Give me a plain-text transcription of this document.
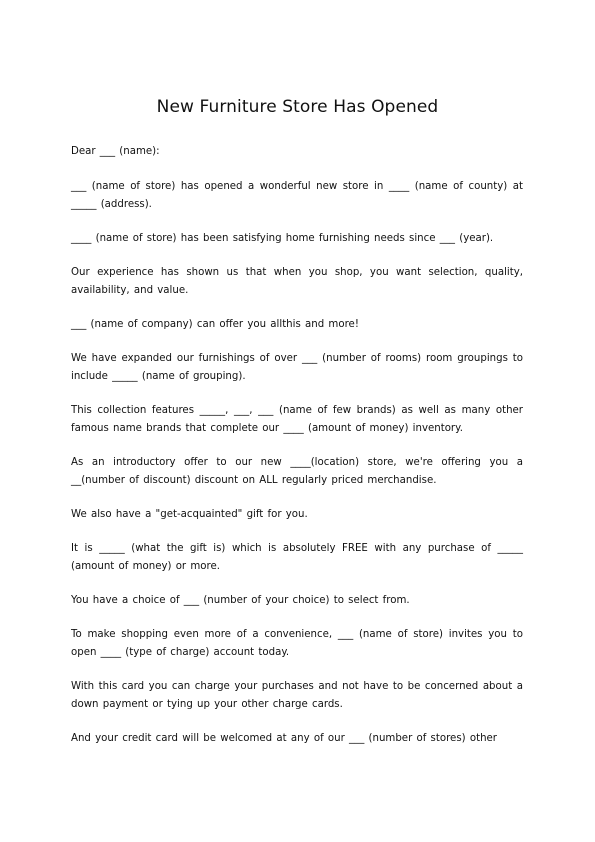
New Furniture Store Has Opened

Dear ___ (name):

___ (name of store) has opened a wonderful new store in ____ (name of county) at _____ (address).

____ (name of store) has been satisfying home furnishing needs since ___ (year).

Our experience has shown us that when you shop, you want selection, quality, availability, and value.

___ (name of company) can offer you allthis and more!

We have expanded our furnishings of over ___ (number of rooms) room groupings to include _____ (name of grouping).

This collection features _____, ___, ___ (name of few brands) as well as many other famous name brands that complete our ____ (amount of money) inventory.

As an introductory offer to our new ____(location) store, we're offering you a __(number of discount) discount on ALL regularly priced merchandise.

We also have a "get-acquainted" gift for you.

It is _____ (what the gift is) which is absolutely FREE with any purchase of _____ (amount of money) or more.

You have a choice of ___ (number of your choice) to select from.

To make shopping even more of a convenience, ___ (name of store) invites you to open ____ (type of charge) account today.

With this card you can charge your purchases and not have to be concerned about a down payment or tying up your other charge cards.

And your credit card will be welcomed at any of our ___ (number of stores) other
